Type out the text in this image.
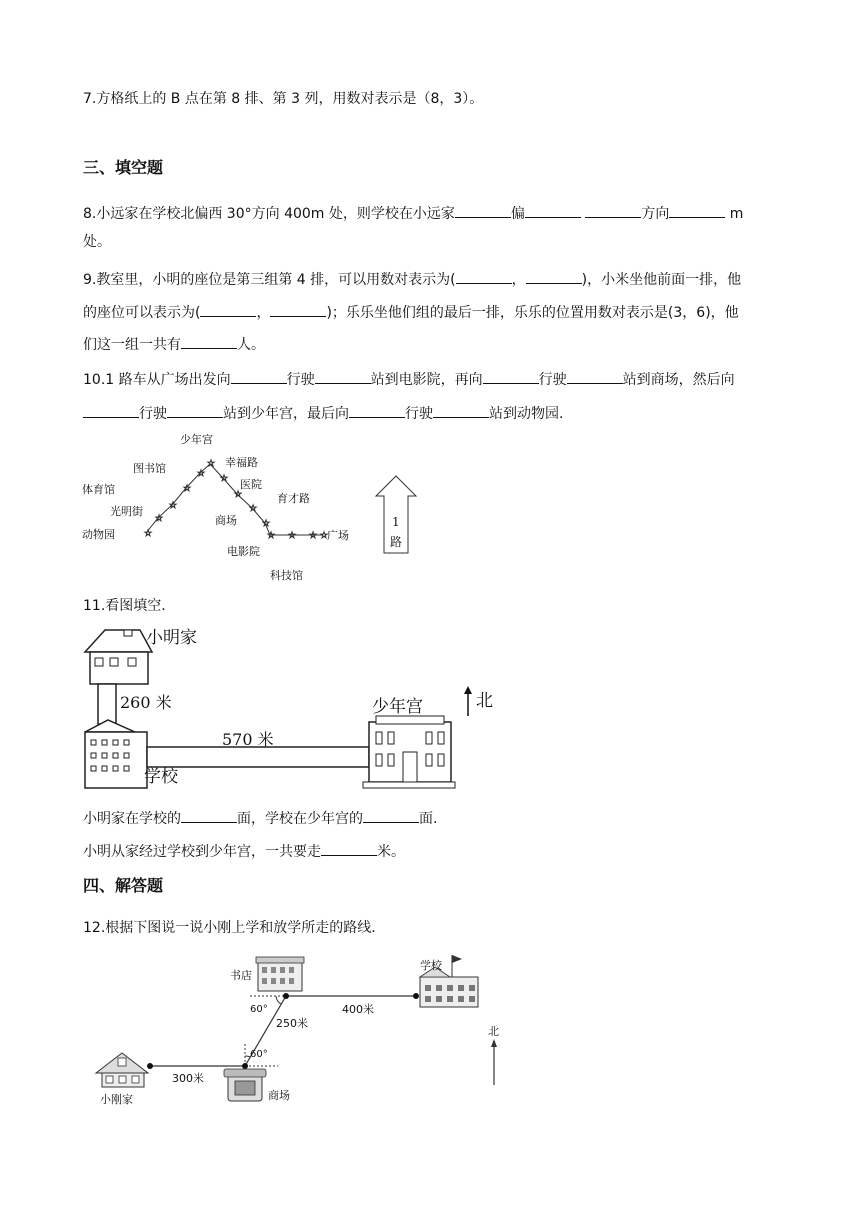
7.方格纸上的 B 点在第 8 排、第 3 列，用数对表示是（8，3）。
三、填空题
8.小远家在学校北偏西 30°方向 400m 处，则学校在小远家	偏	方向	m
处。
9.教室里，小明的座位是第三组第 4 排，可以用数对表示为(	，	)，小米坐他前面一排，他
的座位可以表示为(	，	)；乐乐坐他们组的最后一排，乐乐的位置用数对表示是(3，6)，他
们这一组一共有	人。
10.1 路车从广场出发向	行驶	站到电影院，再向	行驶	站到商场，然后向
行驶	站到少年宫，最后向	行驶	站到动物园.
☆
☆
☆
☆
☆
☆
☆
☆
☆
☆
☆ ☆ ☆ ☆
少年宫
图书馆	幸福路
体育馆	医院
育才路
光明街
商场
动物园	广场
电影院
科技馆
1
路
11.看图填空.
小明家
260 米
学校
570 米
少年宫	北
小明家在学校的	面，学校在少年宫的	面.
小明从家经过学校到少年宫，一共要走	米。
四、解答题
12.根据下图说一说小刚上学和放学所走的路线.
书店
学校
60°
250米
400米
60°
300米
北
小刚家	商场
